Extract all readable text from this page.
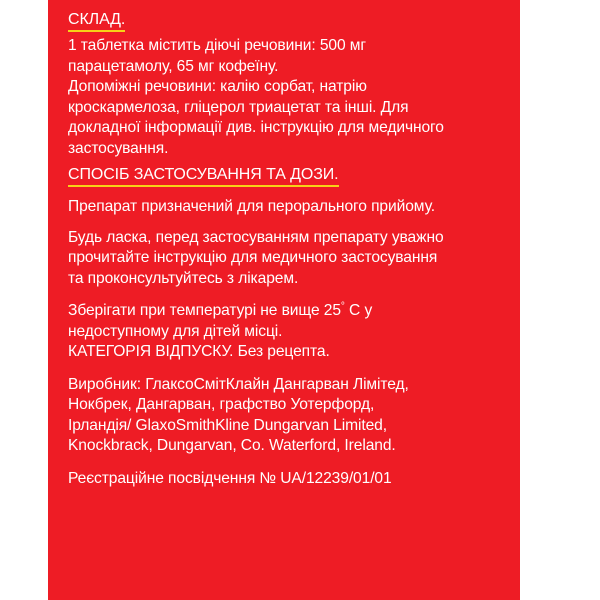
СКЛАД.

1 таблетка містить діючі речовини: 500 мг
парацетамолу, 65 мг кофеїну.

Допоміжні речовини: калію сорбат, натрію
кроскармелоза, гліцерол триацетат та інші. Для
докладної інформації див. інструкцію для медичного
застосування.

СПОСІБ ЗАСТОСУВАННЯ ТА ДОЗИ.

Препарат призначений для перорального прийому.

Будь ласка, перед застосуванням препарату уважно
прочитайте інструкцію для медичного застосування
та проконсультуйтесь з лікарем.

Зберігати при температурі не вище 25° С у
недоступному для дітей місці.

КАТЕГОРІЯ ВІДПУСКУ. Без рецепта.

Виробник: ГлаксоСмітКлайн Дангарван Лімітед,
Нокбрек, Дангарван, графство Уотерфорд,
Ірландія/ GlaxoSmithKline Dungarvan Limited,
Knockbrack, Dungarvan, Co. Waterford, Ireland.

Реєстраційне посвідчення № UA/12239/01/01
